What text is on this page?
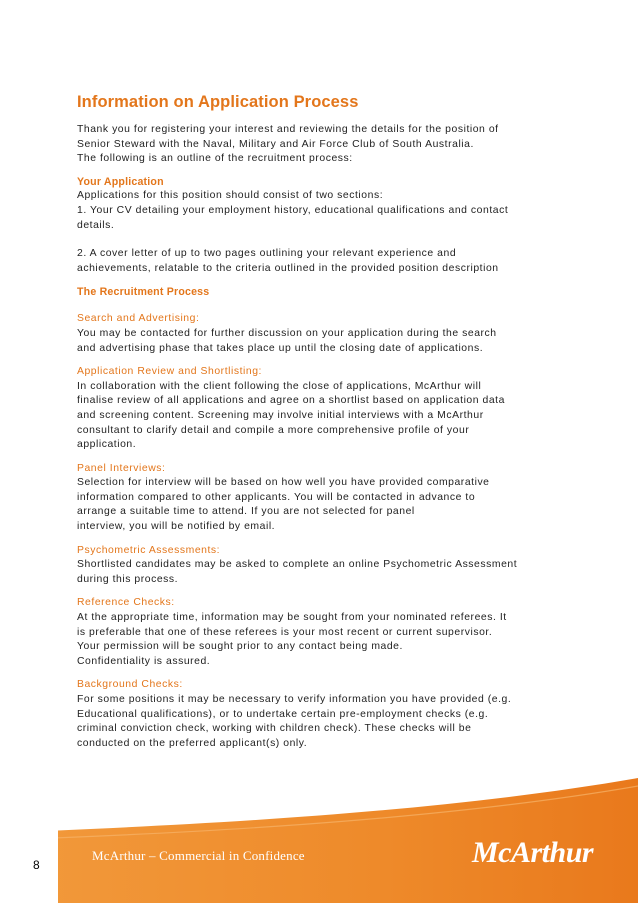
Information on Application Process

Thank you for registering your interest and reviewing the details for the position of

Senior Steward with the Naval, Military and Air Force Club of South Australia.

The following is an outline of the recruitment process:

Your Application

Applications for this position should consist of two sections:

1. Your CV detailing your employment history, educational qualifications and contact

details.

2. A cover letter of up to two pages outlining your relevant experience and

achievements, relatable to the criteria outlined in the provided position description

The Recruitment Process

Search and Advertising:

You may be contacted for further discussion on your application during the search

and advertising phase that takes place up until the closing date of applications.

Application Review and Shortlisting:

In collaboration with the client following the close of applications, McArthur will

finalise review of all applications and agree on a shortlist based on application data

and screening content. Screening may involve initial interviews with a McArthur

consultant to clarify detail and compile a more comprehensive profile of your

application.

Panel Interviews:

Selection for interview will be based on how well you have provided comparative

information compared to other applicants. You will be contacted in advance to

arrange a suitable time to attend. If you are not selected for panel

interview, you will be notified by email.

Psychometric Assessments:

Shortlisted candidates may be asked to complete an online Psychometric Assessment

during this process.

Reference Checks:

At the appropriate time, information may be sought from your nominated referees. It

is preferable that one of these referees is your most recent or current supervisor.

Your permission will be sought prior to any contact being made.

Confidentiality is assured.

Background Checks:

For some positions it may be necessary to verify information you have provided (e.g.

Educational qualifications), or to undertake certain pre-employment checks (e.g.

criminal conviction check, working with children check). These checks will be

conducted on the preferred applicant(s) only.

8
McArthur – Commercial in Confidence	McArthur
